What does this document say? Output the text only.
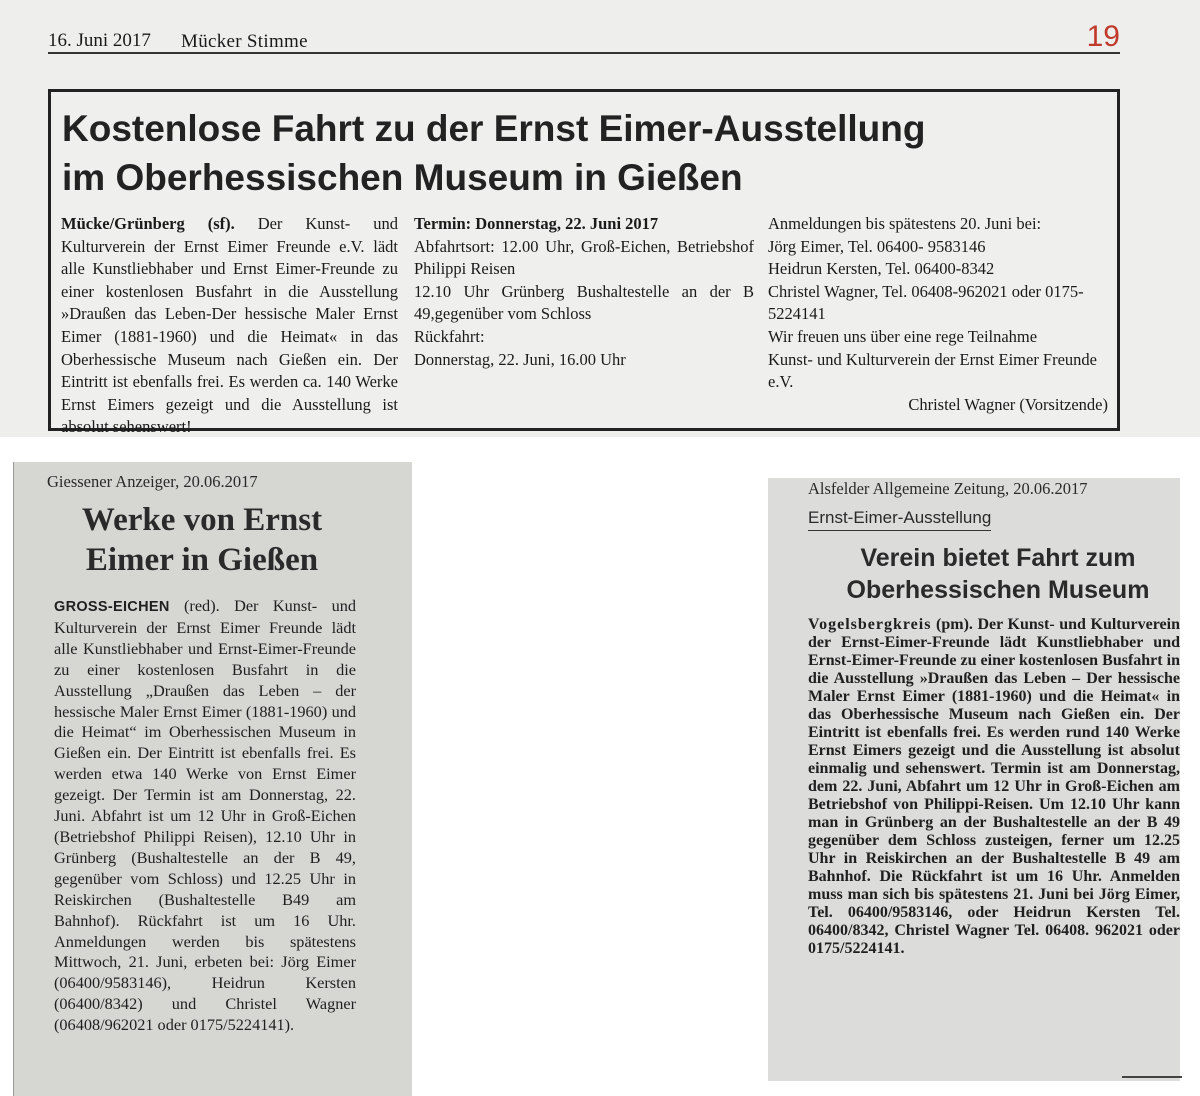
16. Juni 2017 Mücker Stimme	19
Kostenlose Fahrt zu der Ernst Eimer-Ausstellung
im Oberhessischen Museum in Gießen

Mücke/Grünberg (sf). Der Kunst- und Kulturverein der Ernst Eimer Freunde e.V. lädt alle Kunstliebhaber und Ernst Eimer-Freunde zu einer kostenlosen Busfahrt in die Ausstellung »Draußen das Leben-Der hessische Maler Ernst Eimer (1881-1960) und die Heimat« in das Oberhessische Museum nach Gießen ein. Der Eintritt ist ebenfalls frei. Es werden ca. 140 Werke Ernst Eimers gezeigt und die Ausstellung ist absolut sehenswert!

Termin: Donnerstag, 22. Juni 2017

Abfahrtsort: 12.00 Uhr, Groß-Eichen, Betriebshof Philippi Reisen

12.10 Uhr Grünberg Bushaltestelle an der B 49,gegenüber vom Schloss

Rückfahrt:

Donnerstag, 22. Juni, 16.00 Uhr

Anmeldungen bis spätestens 20. Juni bei:

Jörg Eimer, Tel. 06400- 9583146

Heidrun Kersten, Tel. 06400-8342

Christel Wagner, Tel. 06408-962021 oder 0175-5224141

Wir freuen uns über eine rege Teilnahme

Kunst- und Kulturverein der Ernst Eimer Freunde e.V.

Christel Wagner (Vorsitzende)

Giessener Anzeiger, 20.06.2017
Werke von Ernst
Eimer in Gießen

GROSS-EICHEN (red). Der Kunst- und Kulturverein der Ernst Eimer Freunde lädt alle Kunstliebhaber und Ernst-Eimer-Freunde zu einer kostenlosen Busfahrt in die Ausstellung „Draußen das Leben – der hessische Maler Ernst Eimer (1881-1960) und die Heimat“ im Oberhessischen Museum in Gießen ein. Der Eintritt ist ebenfalls frei. Es werden etwa 140 Werke von Ernst Eimer gezeigt. Der Termin ist am Donnerstag, 22. Juni. Abfahrt ist um 12 Uhr in Groß-Eichen (Betriebshof Philippi Reisen), 12.10 Uhr in Grünberg (Bushaltestelle an der B 49, gegenüber vom Schloss) und 12.25 Uhr in Reiskirchen (Bushaltestelle B49 am Bahnhof). Rückfahrt ist um 16 Uhr. Anmeldungen werden bis spätestens Mittwoch, 21. Juni, erbeten bei: Jörg Eimer (06400/9583146), Heidrun Kersten (06400/8342) und Christel Wagner (06408/962021 oder 0175/5224141).

Alsfelder Allgemeine Zeitung, 20.06.2017
Ernst-Eimer-Ausstellung
Verein bietet Fahrt zum
Oberhessischen Museum

Vogelsbergkreis (pm). Der Kunst- und Kulturverein der Ernst-Eimer-Freunde lädt Kunstliebhaber und Ernst-Eimer-Freunde zu einer kostenlosen Busfahrt in die Ausstellung »Draußen das Leben – Der hessische Maler Ernst Eimer (1881-1960) und die Heimat« in das Oberhessische Museum nach Gießen ein. Der Eintritt ist ebenfalls frei. Es werden rund 140 Werke Ernst Eimers gezeigt und die Ausstellung ist absolut einmalig und sehenswert. Termin ist am Donnerstag, dem 22. Juni, Abfahrt um 12 Uhr in Groß-Eichen am Betriebshof von Philippi-Reisen. Um 12.10 Uhr kann man in Grünberg an der Bushaltestelle an der B 49 gegenüber dem Schloss zusteigen, ferner um 12.25 Uhr in Reiskirchen an der Bushaltestelle B 49 am Bahnhof. Die Rückfahrt ist um 16 Uhr. Anmelden muss man sich bis spätestens 21. Juni bei Jörg Eimer, Tel. 06400/9583146, oder Heidrun Kersten Tel. 06400/8342, Christel Wagner Tel. 06408. 962021 oder 0175/5224141.
